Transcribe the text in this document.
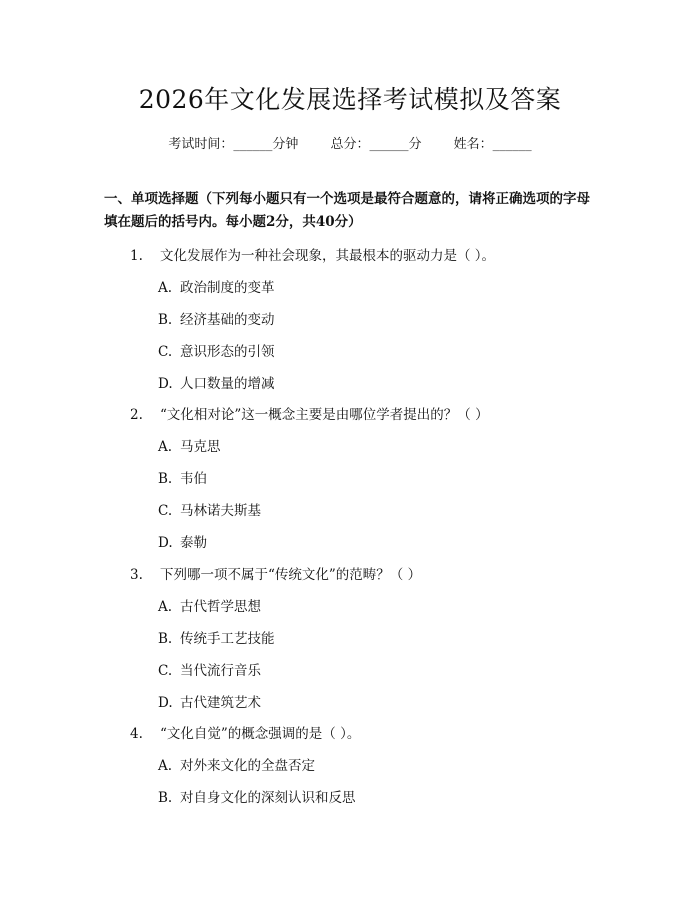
2026年文化发展选择考试模拟及答案
考试时间：______分钟 总分：______分 姓名：______
一、单项选择题（下列每小题只有一个选项是最符合题意的，请将正确选项的字母填在题后的括号内。每小题2分，共40分）
1. 文化发展作为一种社会现象，其最根本的驱动力是（ ）。
A. 政治制度的变革
B. 经济基础的变动
C. 意识形态的引领
D. 人口数量的增减
2. “文化相对论”这一概念主要是由哪位学者提出的？（ ）
A. 马克思
B. 韦伯
C. 马林诺夫斯基
D. 泰勒
3. 下列哪一项不属于“传统文化”的范畴？（ ）
A. 古代哲学思想
B. 传统手工艺技能
C. 当代流行音乐
D. 古代建筑艺术
4. “文化自觉”的概念强调的是（ ）。
A. 对外来文化的全盘否定
B. 对自身文化的深刻认识和反思
